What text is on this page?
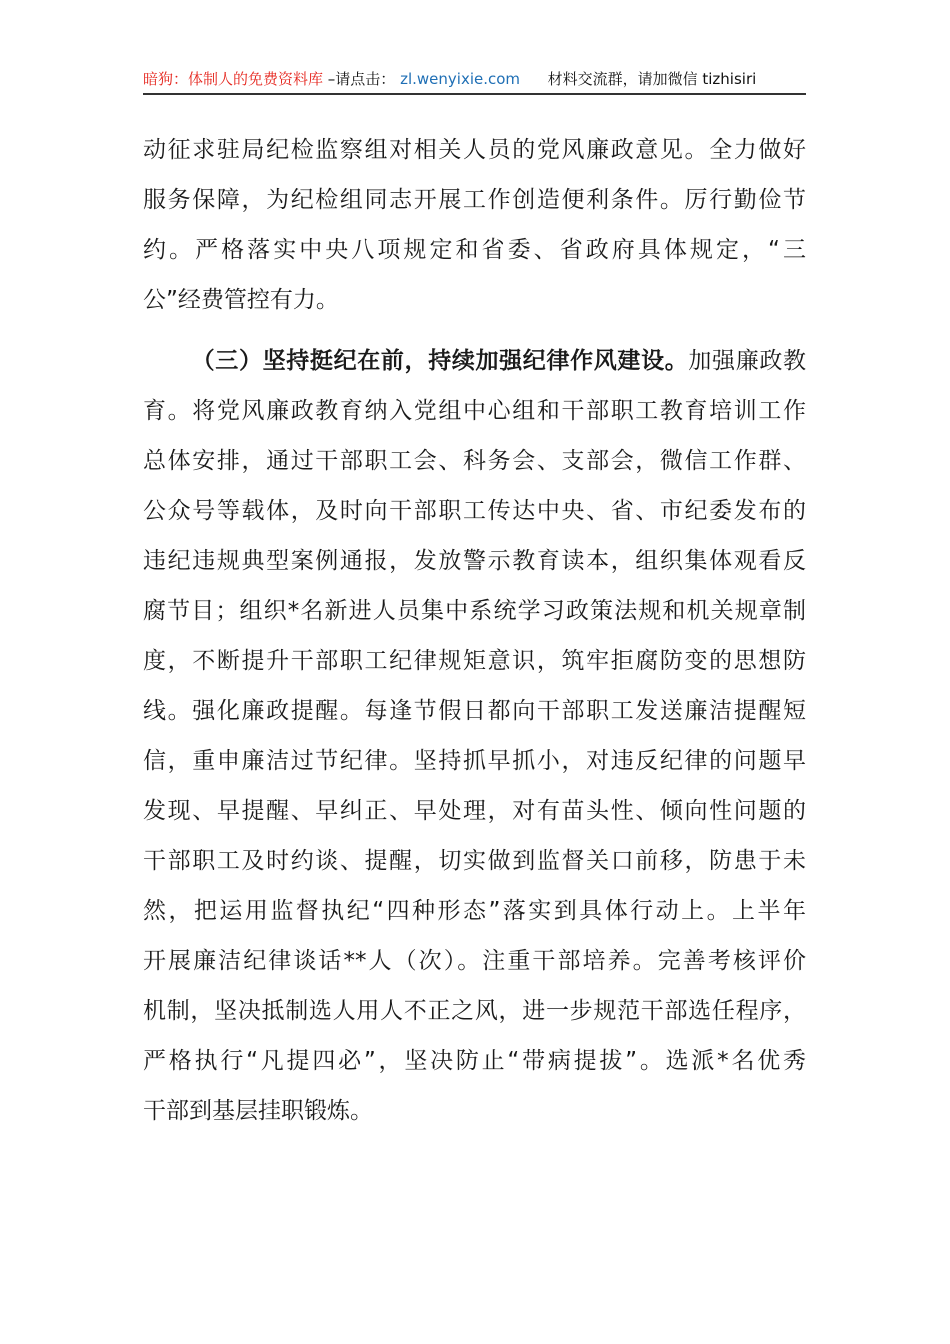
暗狗：体制人的免费资料库 –请点击： zl.wenyixie.com 材料交流群，请加微信 tizhisiri
动征求驻局纪检监察组对相关人员的党风廉政意见。全力做好
服务保障，为纪检组同志开展工作创造便利条件。厉行勤俭节
约。严格落实中央八项规定和省委、省政府具体规定，“三
公”经费管控有力。
（三）坚持挺纪在前，持续加强纪律作风建设。加强廉政教
育。将党风廉政教育纳入党组中心组和干部职工教育培训工作
总体安排，通过干部职工会、科务会、支部会，微信工作群、
公众号等载体，及时向干部职工传达中央、省、市纪委发布的
违纪违规典型案例通报，发放警示教育读本，组织集体观看反
腐节目；组织*名新进人员集中系统学习政策法规和机关规章制
度，不断提升干部职工纪律规矩意识，筑牢拒腐防变的思想防
线。强化廉政提醒。每逢节假日都向干部职工发送廉洁提醒短
信，重申廉洁过节纪律。坚持抓早抓小，对违反纪律的问题早
发现、早提醒、早纠正、早处理，对有苗头性、倾向性问题的
干部职工及时约谈、提醒，切实做到监督关口前移，防患于未
然，把运用监督执纪“四种形态”落实到具体行动上。上半年
开展廉洁纪律谈话**人（次）。注重干部培养。完善考核评价
机制，坚决抵制选人用人不正之风，进一步规范干部选任程序，
严格执行“凡提四必”，坚决防止“带病提拔”。选派*名优秀
干部到基层挂职锻炼。
